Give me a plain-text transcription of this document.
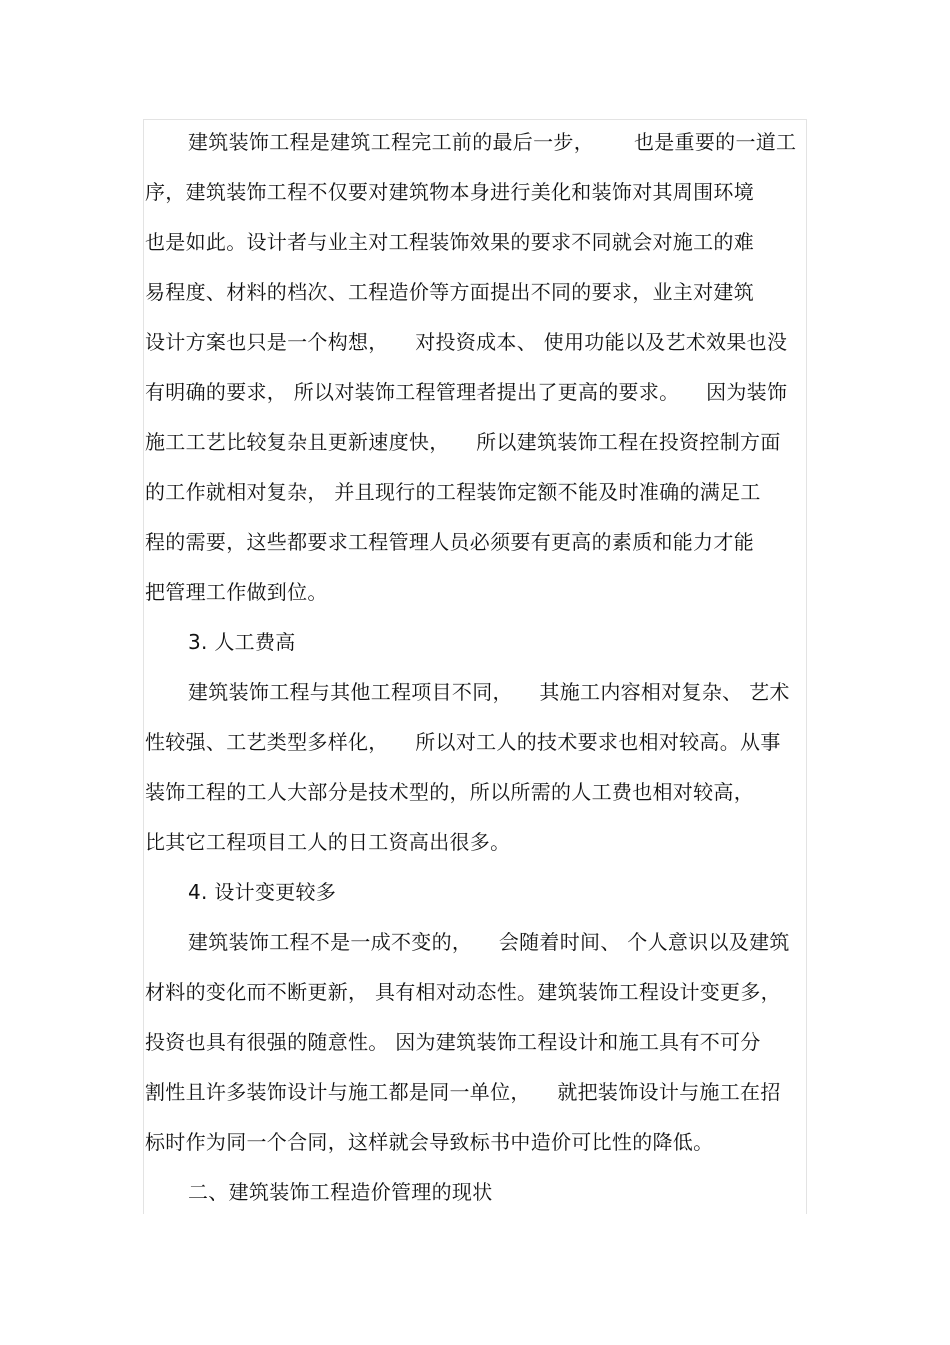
建筑装饰工程是建筑工程完工前的最后一步，      也是重要的一道工
序，建筑装饰工程不仅要对建筑物本身进行美化和装饰对其周围环境
也是如此。设计者与业主对工程装饰效果的要求不同就会对施工的难
易程度、材料的档次、工程造价等方面提出不同的要求，业主对建筑
设计方案也只是一个构想，    对投资成本、 使用功能以及艺术效果也没
有明确的要求， 所以对装饰工程管理者提出了更高的要求。    因为装饰
施工工艺比较复杂且更新速度快，    所以建筑装饰工程在投资控制方面
的工作就相对复杂， 并且现行的工程装饰定额不能及时准确的满足工
程的需要，这些都要求工程管理人员必须要有更高的素质和能力才能
把管理工作做到位。
3. 人工费高
建筑装饰工程与其他工程项目不同，    其施工内容相对复杂、 艺术
性较强、工艺类型多样化，    所以对工人的技术要求也相对较高。从事
装饰工程的工人大部分是技术型的，所以所需的人工费也相对较高，
比其它工程项目工人的日工资高出很多。
4. 设计变更较多
建筑装饰工程不是一成不变的，    会随着时间、 个人意识以及建筑
材料的变化而不断更新， 具有相对动态性。建筑装饰工程设计变更多，
投资也具有很强的随意性。 因为建筑装饰工程设计和施工具有不可分
割性且许多装饰设计与施工都是同一单位，    就把装饰设计与施工在招
标时作为同一个合同，这样就会导致标书中造价可比性的降低。
二、建筑装饰工程造价管理的现状
